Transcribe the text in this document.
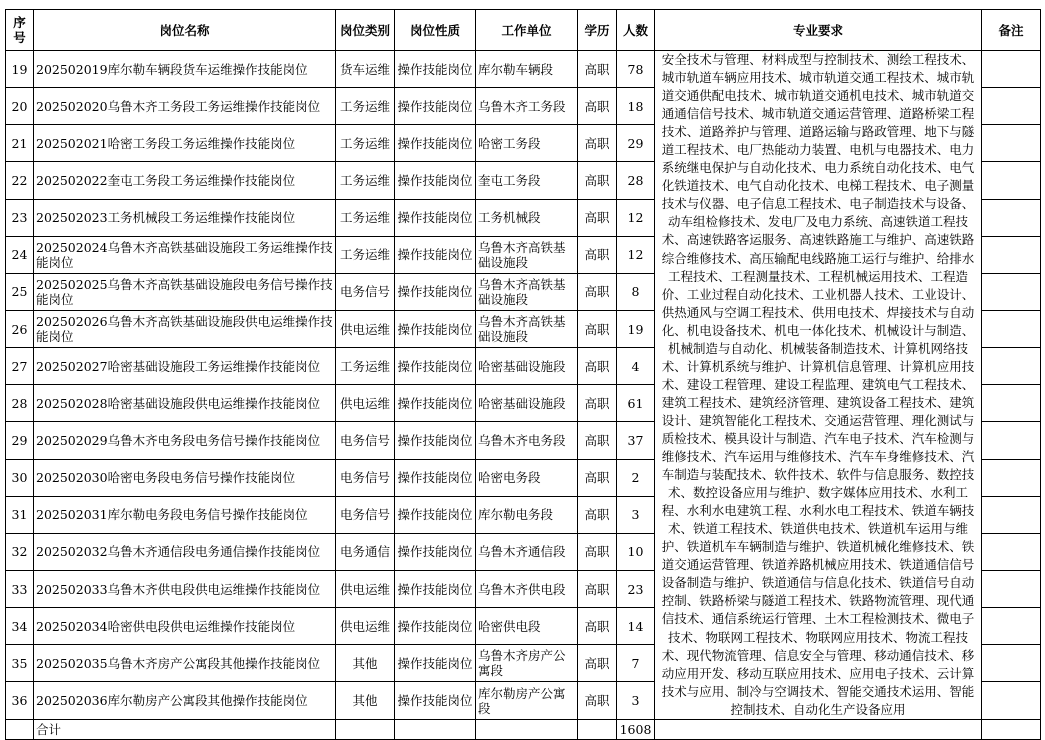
序号	岗位名称	岗位类别	岗位性质	工作单位	学历	人数	专业要求	备注
19	202502019库尔勒车辆段货车运维操作技能岗位	货车运维	操作技能岗位	库尔勒车辆段	高职	78	安全技术与管理、材料成型与控制技术、测绘工程技术、城市轨道车辆应用技术、城市轨道交通工程技术、城市轨道交通供配电技术、城市轨道交通机电技术、城市轨道交通通信信号技术、城市轨道交通运营管理、道路桥梁工程技术、道路养护与管理、道路运输与路政管理、地下与隧道工程技术、电厂热能动力装置、电机与电器技术、电力系统继电保护与自动化技术、电力系统自动化技术、电气化铁道技术、电气自动化技术、电梯工程技术、电子测量技术与仪器、电子信息工程技术、电子制造技术与设备、动车组检修技术、发电厂及电力系统、高速铁道工程技术、高速铁路客运服务、高速铁路施工与维护、高速铁路综合维修技术、高压输配电线路施工运行与维护、给排水工程技术、工程测量技术、工程机械运用技术、工程造价、工业过程自动化技术、工业机器人技术、工业设计、供热通风与空调工程技术、供用电技术、焊接技术与自动化、机电设备技术、机电一体化技术、机械设计与制造、机械制造与自动化、机械装备制造技术、计算机网络技术、计算机系统与维护、计算机信息管理、计算机应用技术、建设工程管理、建设工程监理、建筑电气工程技术、建筑工程技术、建筑经济管理、建筑设备工程技术、建筑设计、建筑智能化工程技术、交通运营管理、理化测试与质检技术、模具设计与制造、汽车电子技术、汽车检测与维修技术、汽车运用与维修技术、汽车车身维修技术、汽车制造与装配技术、软件技术、软件与信息服务、数控技术、数控设备应用与维护、数字媒体应用技术、水利工程、水利水电建筑工程、水利水电工程技术、铁道车辆技术、铁道工程技术、铁道供电技术、铁道机车运用与维护、铁道机车车辆制造与维护、铁道机械化维修技术、铁道交通运营管理、铁道养路机械应用技术、铁道通信信号设备制造与维护、铁道通信与信息化技术、铁道信号自动控制、铁路桥梁与隧道工程技术、铁路物流管理、现代通信技术、通信系统运行管理、土木工程检测技术、微电子技术、物联网工程技术、物联网应用技术、物流工程技术、现代物流管理、信息安全与管理、移动通信技术、移动应用开发、移动互联应用技术、应用电子技术、云计算技术与应用、制冷与空调技术、智能交通技术运用、智能控制技术、自动化生产设备应用	
20	202502020乌鲁木齐工务段工务运维操作技能岗位	工务运维	操作技能岗位	乌鲁木齐工务段	高职	18		
21	202502021哈密工务段工务运维操作技能岗位	工务运维	操作技能岗位	哈密工务段	高职	29		
22	202502022奎屯工务段工务运维操作技能岗位	工务运维	操作技能岗位	奎屯工务段	高职	28		
23	202502023工务机械段工务运维操作技能岗位	工务运维	操作技能岗位	工务机械段	高职	12		
24	202502024乌鲁木齐高铁基础设施段工务运维操作技能岗位	工务运维	操作技能岗位	乌鲁木齐高铁基础设施段	高职	12		
25	202502025乌鲁木齐高铁基础设施段电务信号操作技能岗位	电务信号	操作技能岗位	乌鲁木齐高铁基础设施段	高职	8		
26	202502026乌鲁木齐高铁基础设施段供电运维操作技能岗位	供电运维	操作技能岗位	乌鲁木齐高铁基础设施段	高职	19		
27	202502027哈密基础设施段工务运维操作技能岗位	工务运维	操作技能岗位	哈密基础设施段	高职	4		
28	202502028哈密基础设施段供电运维操作技能岗位	供电运维	操作技能岗位	哈密基础设施段	高职	61		
29	202502029乌鲁木齐电务段电务信号操作技能岗位	电务信号	操作技能岗位	乌鲁木齐电务段	高职	37		
30	202502030哈密电务段电务信号操作技能岗位	电务信号	操作技能岗位	哈密电务段	高职	2		
31	202502031库尔勒电务段电务信号操作技能岗位	电务信号	操作技能岗位	库尔勒电务段	高职	3		
32	202502032乌鲁木齐通信段电务通信操作技能岗位	电务通信	操作技能岗位	乌鲁木齐通信段	高职	10		
33	202502033乌鲁木齐供电段供电运维操作技能岗位	供电运维	操作技能岗位	乌鲁木齐供电段	高职	23		
34	202502034哈密供电段供电运维操作技能岗位	供电运维	操作技能岗位	哈密供电段	高职	14		
35	202502035乌鲁木齐房产公寓段其他操作技能岗位	其他	操作技能岗位	乌鲁木齐房产公寓段	高职	7		
36	202502036库尔勒房产公寓段其他操作技能岗位	其他	操作技能岗位	库尔勒房产公寓段	高职	3		
	合计					1608		
